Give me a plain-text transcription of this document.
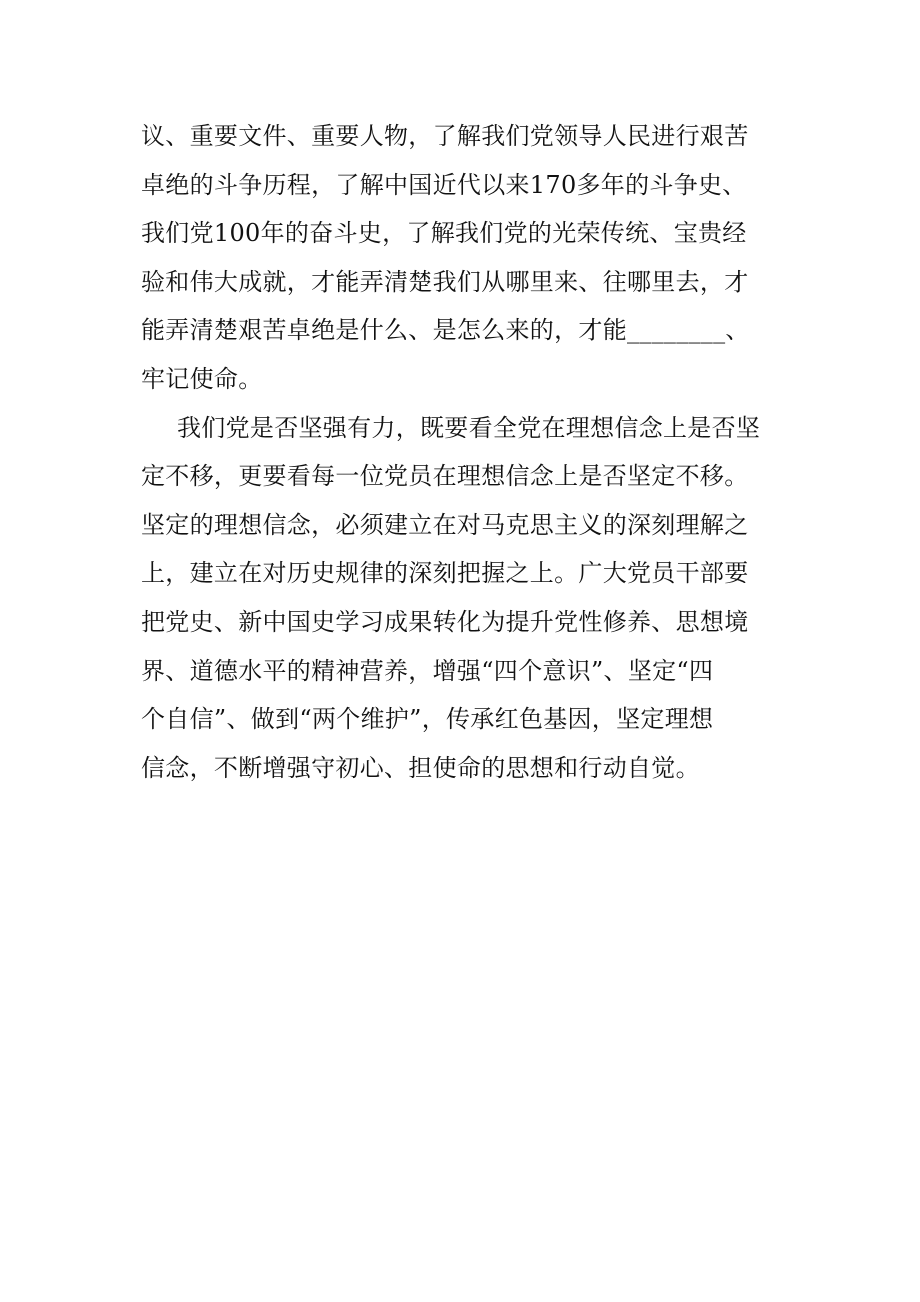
议、重要文件、重要人物，了解我们党领导人民进行艰苦
卓绝的斗争历程，了解中国近代以来170多年的斗争史、
我们党100年的奋斗史，了解我们党的光荣传统、宝贵经
验和伟大成就，才能弄清楚我们从哪里来、往哪里去，才
能弄清楚艰苦卓绝是什么、是怎么来的，才能________、
牢记使命。
我们党是否坚强有力，既要看全党在理想信念上是否坚
定不移，更要看每一位党员在理想信念上是否坚定不移。
坚定的理想信念，必须建立在对马克思主义的深刻理解之
上，建立在对历史规律的深刻把握之上。广大党员干部要
把党史、新中国史学习成果转化为提升党性修养、思想境
界、道德水平的精神营养，增强“四个意识”、坚定“四
个自信”、做到“两个维护”，传承红色基因，坚定理想
信念，不断增强守初心、担使命的思想和行动自觉。
